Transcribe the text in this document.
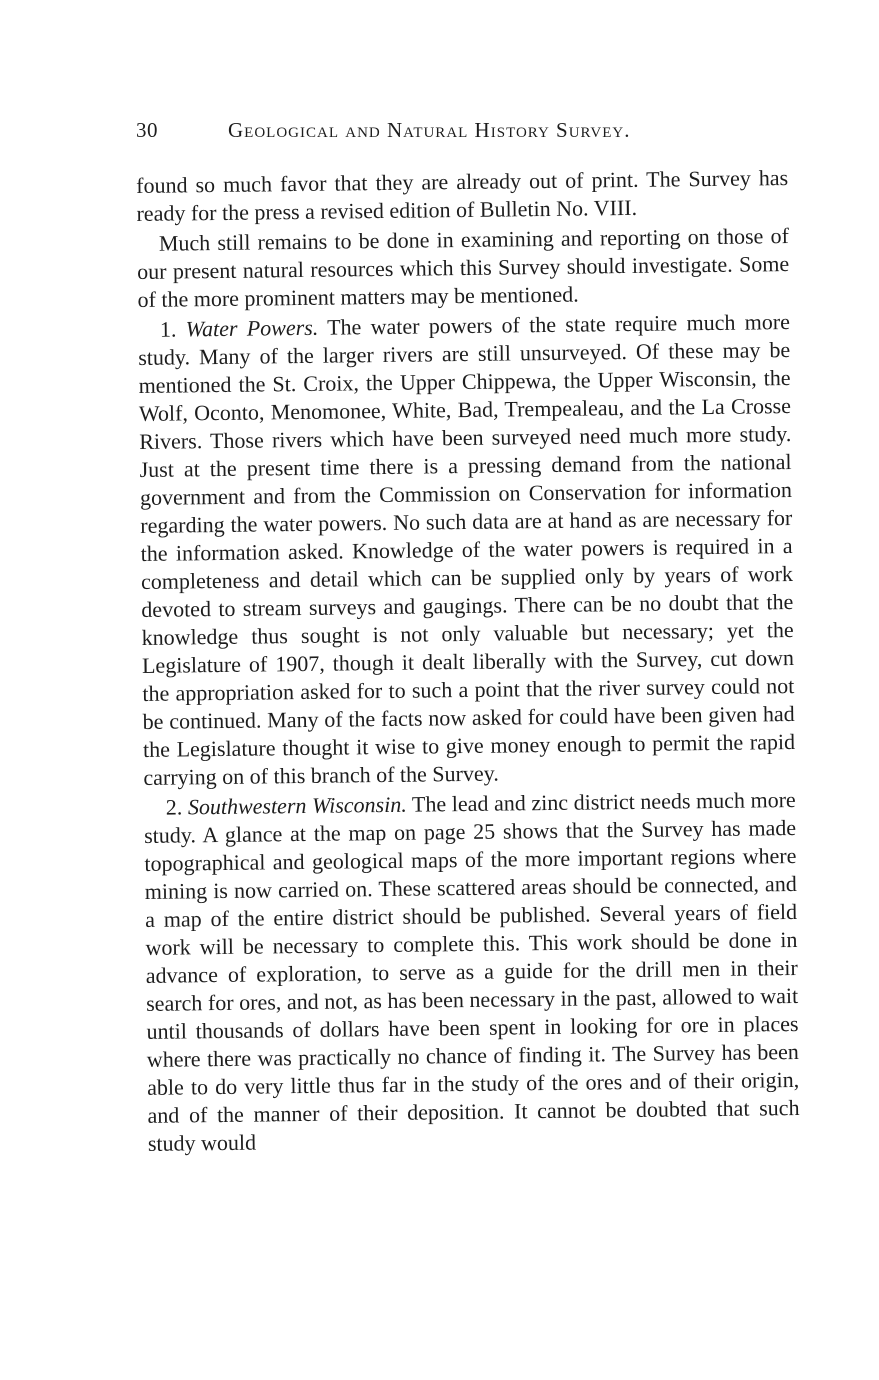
30	Geological and Natural History Survey.

found so much favor that they are already out of print. The Survey has ready for the press a revised edition of Bulletin No. VIII.

Much still remains to be done in examining and reporting on those of our present natural resources which this Survey should investigate. Some of the more prominent matters may be mentioned.

1. Water Powers. The water powers of the state require much more study. Many of the larger rivers are still unsurveyed. Of these may be mentioned the St. Croix, the Upper Chippewa, the Upper Wisconsin, the Wolf, Oconto, Menomonee, White, Bad, Trempealeau, and the La Crosse Rivers. Those rivers which have been surveyed need much more study. Just at the present time there is a pressing demand from the national government and from the Commission on Conservation for information regarding the water powers. No such data are at hand as are necessary for the information asked. Knowledge of the water powers is required in a completeness and detail which can be supplied only by years of work devoted to stream surveys and gaugings. There can be no doubt that the knowledge thus sought is not only valuable but necessary; yet the Legislature of 1907, though it dealt liberally with the Survey, cut down the appropriation asked for to such a point that the river survey could not be continued. Many of the facts now asked for could have been given had the Legislature thought it wise to give money enough to permit the rapid carrying on of this branch of the Survey.

2. Southwestern Wisconsin. The lead and zinc district needs much more study. A glance at the map on page 25 shows that the Survey has made topographical and geological maps of the more important regions where mining is now carried on. These scattered areas should be connected, and a map of the entire district should be published. Several years of field work will be necessary to complete this. This work should be done in advance of exploration, to serve as a guide for the drill men in their search for ores, and not, as has been necessary in the past, allowed to wait until thousands of dollars have been spent in looking for ore in places where there was practically no chance of finding it. The Survey has been able to do very little thus far in the study of the ores and of their origin, and of the manner of their deposition. It cannot be doubted that such study would
